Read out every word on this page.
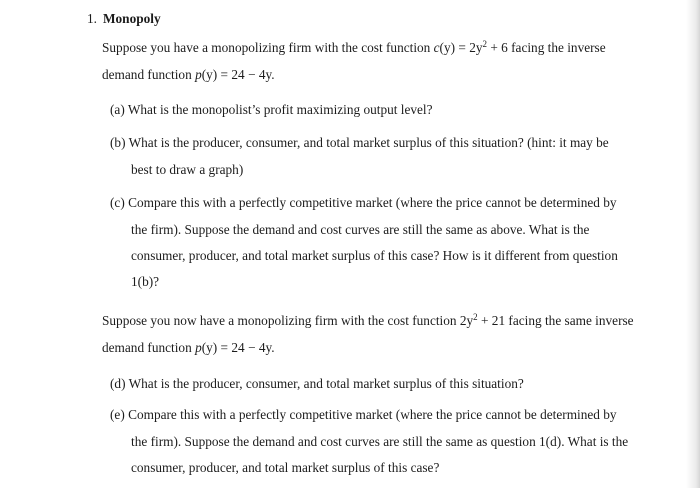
1. Monopoly
Suppose you have a monopolizing firm with the cost function $c(y) = 2y^2 + 6$ facing the inverse
demand function p(y) = 24 − 4y.
(a) What is the monopolist’s profit maximizing output level?
(b) What is the producer, consumer, and total market surplus of this situation? (hint: it may be
best to draw a graph)
(c) Compare this with a perfectly competitive market (where the price cannot be determined by
the firm). Suppose the demand and cost curves are still the same as above. What is the
consumer, producer, and total market surplus of this case? How is it different from question
1(b)?
Suppose you now have a monopolizing firm with the cost function $2y^2 + 21$ facing the same inverse
demand function p(y) = 24 − 4y.
(d) What is the producer, consumer, and total market surplus of this situation?
(e) Compare this with a perfectly competitive market (where the price cannot be determined by
the firm). Suppose the demand and cost curves are still the same as question 1(d). What is the
consumer, producer, and total market surplus of this case?
